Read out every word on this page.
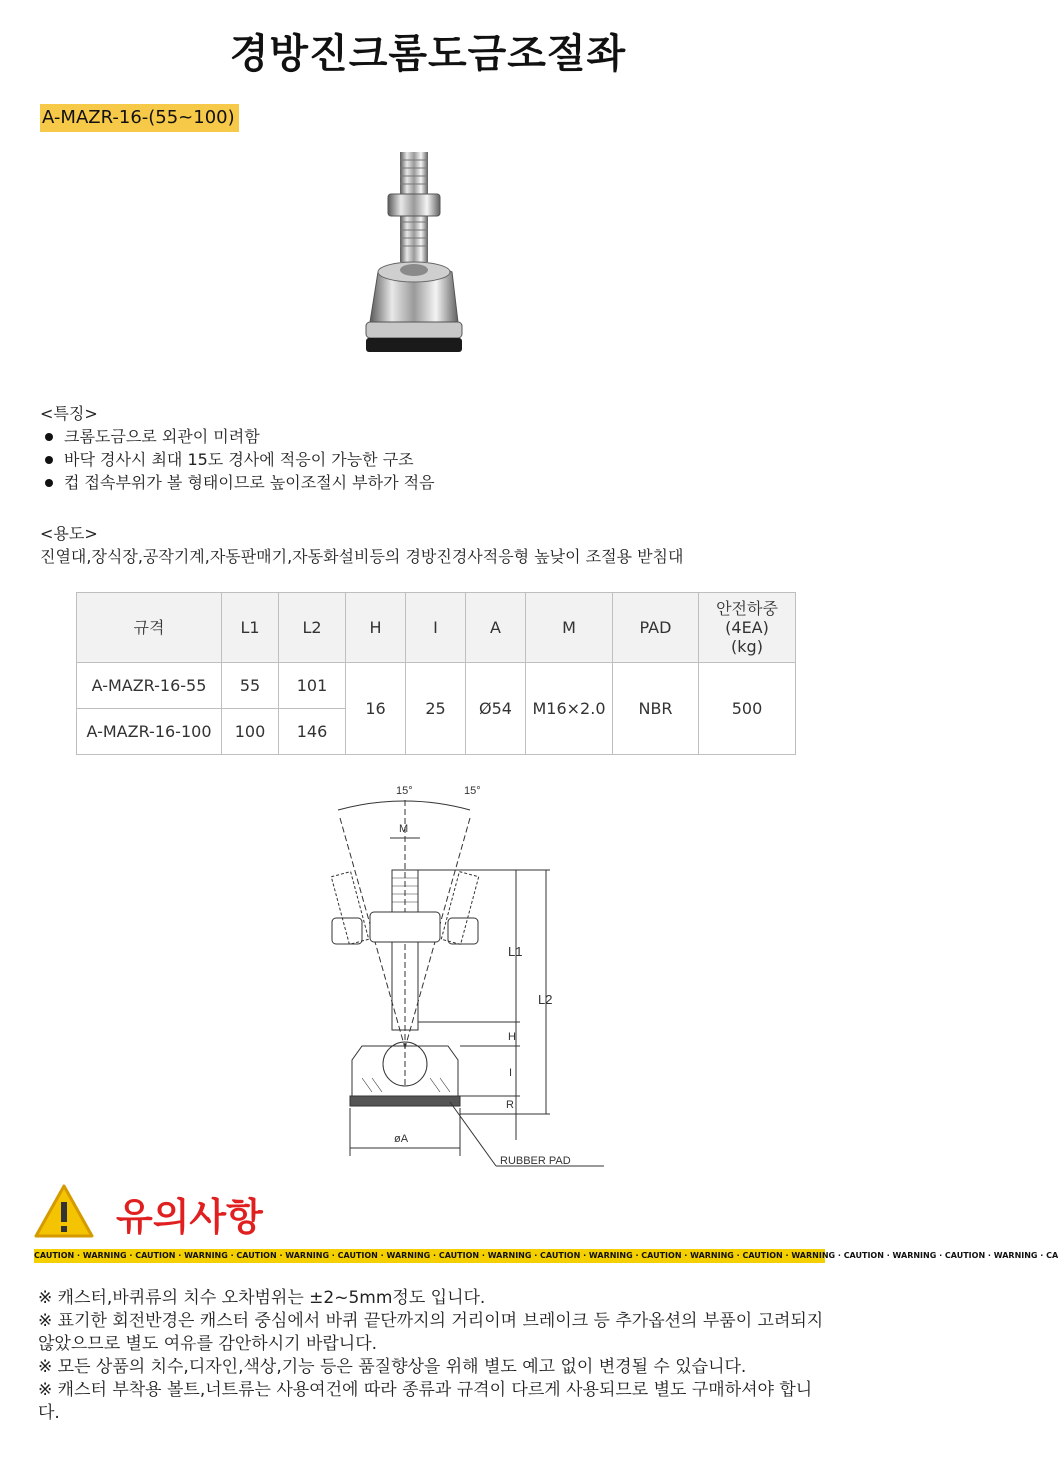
경방진크롬도금조절좌
A-MAZR-16-(55~100)
<특징>
크롬도금으로 외관이 미려함
바닥 경사시 최대 15도 경사에 적응이 가능한 구조
컵 접속부위가 볼 형태이므로 높이조절시 부하가 적음
<용도>
진열대,장식장,공작기계,자동판매기,자동화설비등의 경방진경사적응형 높낮이 조절용 받침대
규격	L1	L2	H	I	A	M	PAD	안전하중
(4EA)
(kg)

A-MAZR-16-55	55	101	16	25	Ø54	M16×2.0	NBR	500
A-MAZR-16-100	100	146						
15°	15°
M
L1
L2
H
I
R
øA
RUBBER PAD
유의사항
CAUTION · WARNING · CAUTION · WARNING · CAUTION · WARNING · CAUTION · WARNING · CAUTION · WARNING · CAUTION · WARNING · CAUTION · WARNING · CAUTION · WARNING · CAUTION · WARNING · CAUTION · WARNING · CA

※ 캐스터,바퀴류의 치수 오차범위는 ±2~5mm정도 입니다.

※ 표기한 회전반경은 캐스터 중심에서 바퀴 끝단까지의 거리이며 브레이크 등 추가옵션의 부품이 고려되지 않았으므로 별도 여유를 감안하시기 바랍니다.

※ 모든 상품의 치수,디자인,색상,기능 등은 품질향상을 위해 별도 예고 없이 변경될 수 있습니다.

※ 캐스터 부착용 볼트,너트류는 사용여건에 따라 종류과 규격이 다르게 사용되므로 별도 구매하셔야 합니다.
